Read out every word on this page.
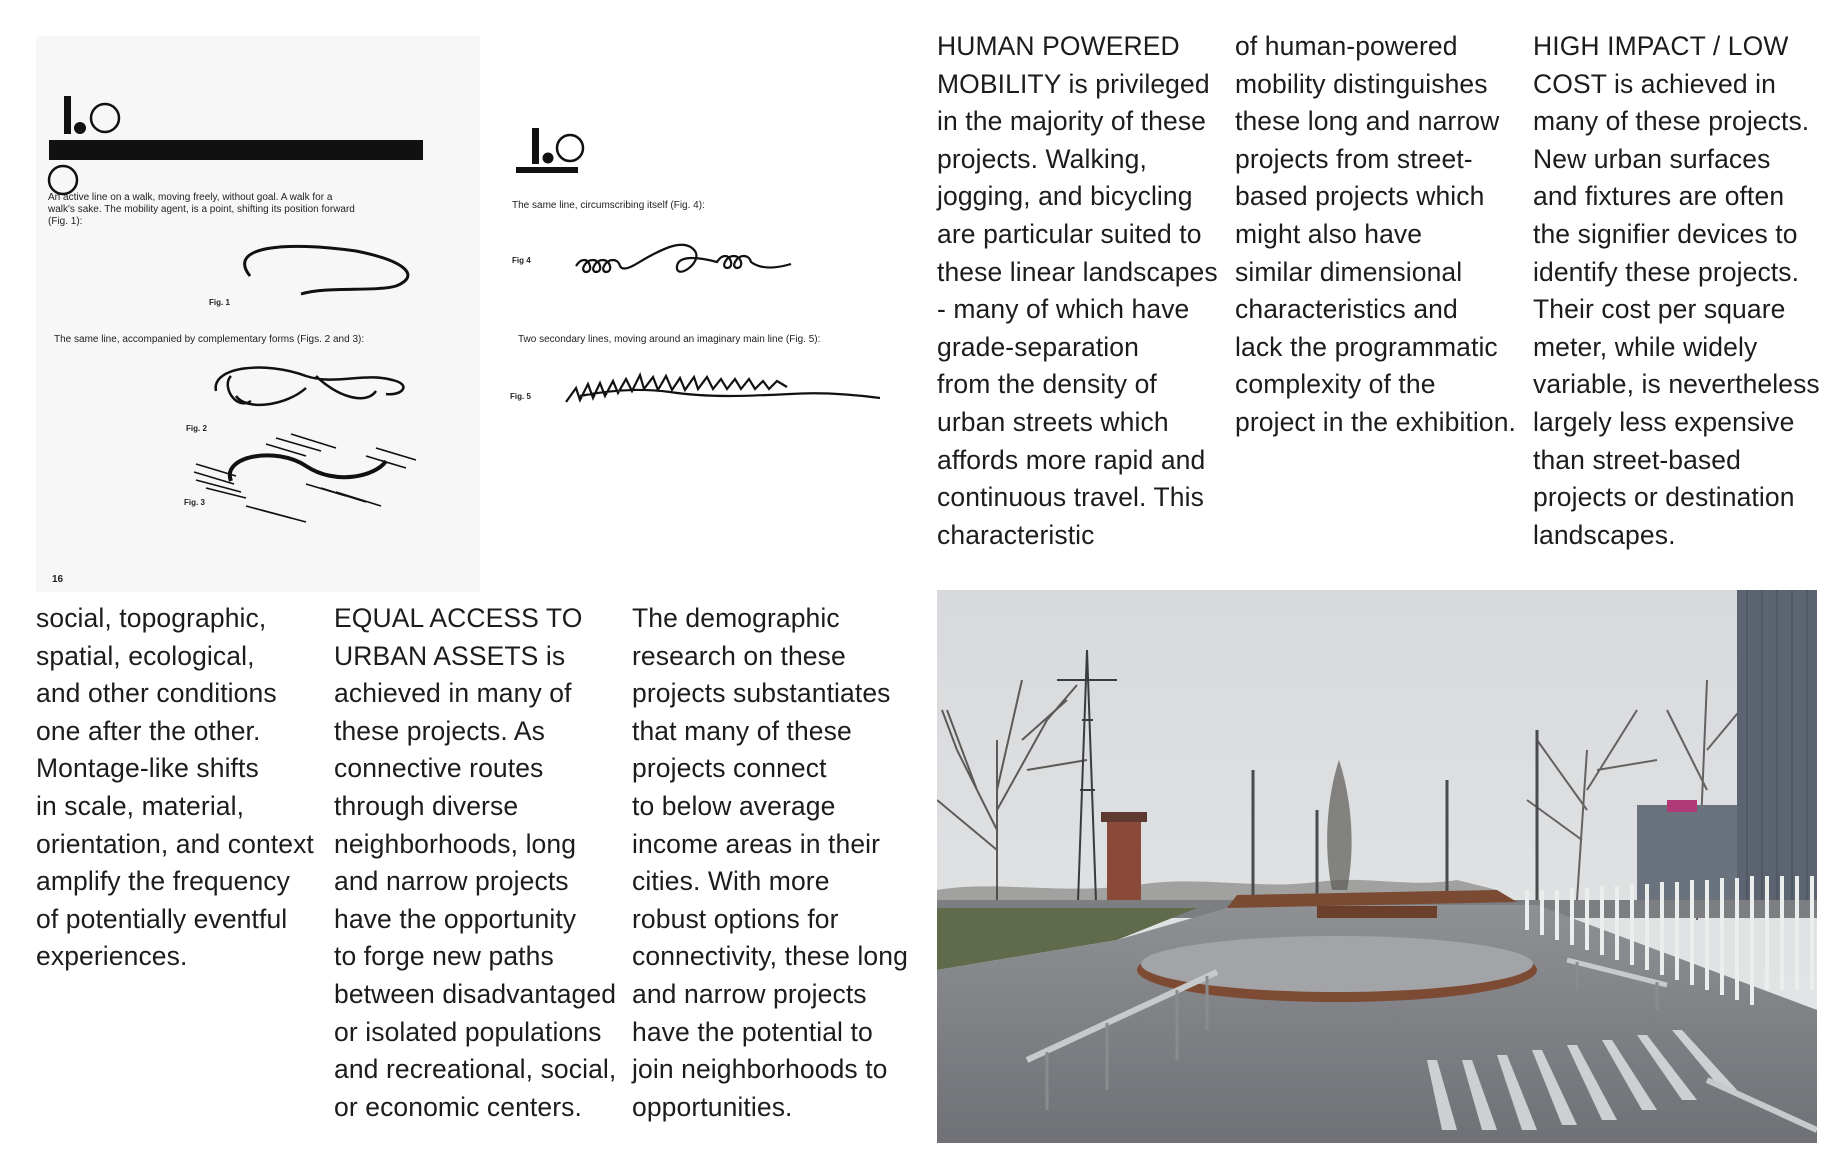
An active line on a walk, moving freely, without goal. A walk for a
walk's sake. The mobility agent, is a point, shifting its position forward
(Fig. 1):
Fig. 1
The same line, accompanied by complementary forms (Figs. 2 and 3):
Fig. 2
Fig. 3
16
The same line, circumscribing itself (Fig. 4):
Fig 4
Two secondary lines, moving around an imaginary main line (Fig. 5):
Fig. 5
HUMAN POWERED
MOBILITY is privileged
in the majority of these
projects. Walking,
jogging, and bicycling
are particular suited to
these linear landscapes
- many of which have
grade-separation
from the density of
urban streets which
affords more rapid and
continuous travel. This
characteristic
of human-powered
mobility distinguishes
these long and narrow
projects from street-
based projects which
might also have
similar dimensional
characteristics and
lack the programmatic
complexity of the
project in the exhibition.
HIGH IMPACT / LOW
COST is achieved in
many of these projects.
New urban surfaces
and fixtures are often
the signifier devices to
identify these projects.
Their cost per square
meter, while widely
variable, is nevertheless
largely less expensive
than street-based
projects or destination
landscapes.
social, topographic,
spatial, ecological,
and other conditions
one after the other.
Montage-like shifts
in scale, material,
orientation, and context
amplify the frequency
of potentially eventful
experiences.
EQUAL ACCESS TO
URBAN ASSETS is
achieved in many of
these projects. As
connective routes
through diverse
neighborhoods, long
and narrow projects
have the opportunity
to forge new paths
between disadvantaged
or isolated populations
and recreational, social,
or economic centers.
The demographic
research on these
projects substantiates
that many of these
projects connect
to below average
income areas in their
cities. With more
robust options for
connectivity, these long
and narrow projects
have the potential to
join neighborhoods to
opportunities.
